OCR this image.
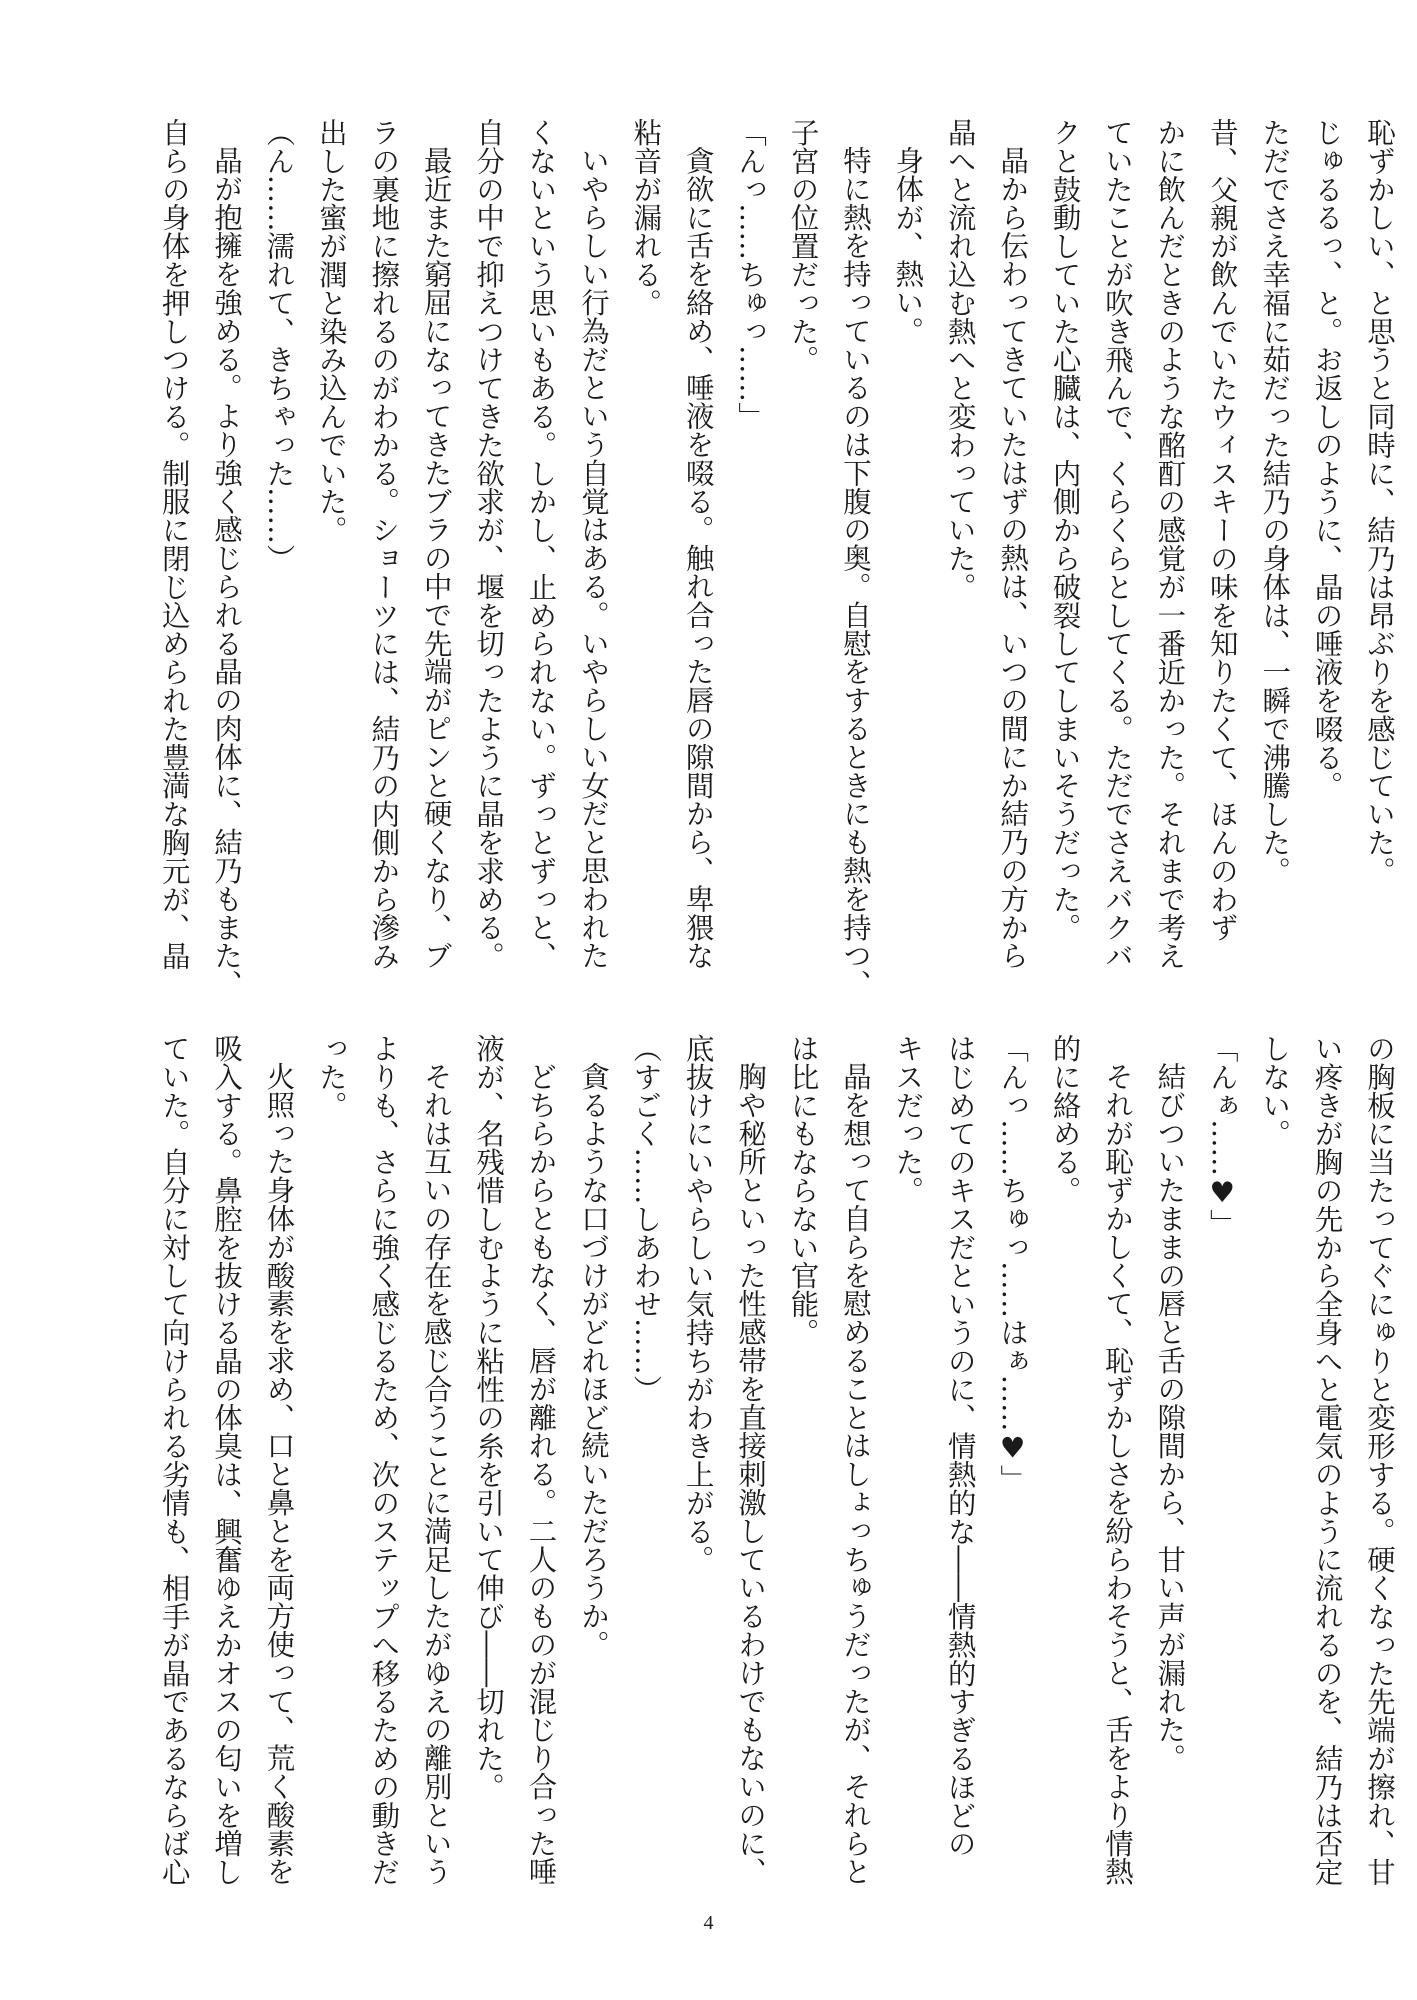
恥ずかしい、と思うと同時に、結乃は昂ぶりを感じていた。
じゅるるっ、と。お返しのように、晶の唾液を啜る。
ただでさえ幸福に茹だった結乃の身体は、一瞬で沸騰した。
昔、父親が飲んでいたウィスキーの味を知りたくて、ほんのわず
かに飲んだときのような酩酊の感覚が一番近かった。それまで考え
ていたことが吹き飛んで、くらくらとしてくる。ただでさえバクバ
クと鼓動していた心臓は、内側から破裂してしまいそうだった。
晶から伝わってきていたはずの熱は、いつの間にか結乃の方から
晶へと流れ込む熱へと変わっていた。
身体が、熱い。
特に熱を持っているのは下腹の奥。自慰をするときにも熱を持つ、
子宮の位置だった。
「んっ……ちゅっ……」
貪欲に舌を絡め、唾液を啜る。触れ合った唇の隙間から、卑猥な
粘音が漏れる。
いやらしい行為だという自覚はある。いやらしい女だと思われた
くないという思いもある。しかし、止められない。ずっとずっと、
自分の中で抑えつけてきた欲求が、堰を切ったように晶を求める。
最近また窮屈になってきたブラの中で先端がピンと硬くなり、ブ
ラの裏地に擦れるのがわかる。ショーツには、結乃の内側から滲み
出した蜜が潤と染み込んでいた。
（ん……濡れて、きちゃった……）
晶が抱擁を強める。より強く感じられる晶の肉体に、結乃もまた、
自らの身体を押しつける。制服に閉じ込められた豊満な胸元が、晶
の胸板に当たってぐにゅりと変形する。硬くなった先端が擦れ、甘
い疼きが胸の先から全身へと電気のように流れるのを、結乃は否定
しない。
「んぁ……♥」
結びついたままの唇と舌の隙間から、甘い声が漏れた。
それが恥ずかしくて、恥ずかしさを紛らわそうと、舌をより情熱
的に絡める。
「んっ……ちゅっ……はぁ……♥」
はじめてのキスだというのに、情熱的な――情熱的すぎるほどの
キスだった。
晶を想って自らを慰めることはしょっちゅうだったが、それらと
は比にもならない官能。
胸や秘所といった性感帯を直接刺激しているわけでもないのに、
底抜けにいやらしい気持ちがわき上がる。
（すごく……しあわせ……）
貪るような口づけがどれほど続いただろうか。
どちらからともなく、唇が離れる。二人のものが混じり合った唾
液が、名残惜しむように粘性の糸を引いて伸び――切れた。
それは互いの存在を感じ合うことに満足したがゆえの離別という
よりも、さらに強く感じるため、次のステップへ移るための動きだ
った。
火照った身体が酸素を求め、口と鼻とを両方使って、荒く酸素を
吸入する。鼻腔を抜ける晶の体臭は、興奮ゆえかオスの匂いを増し
ていた。自分に対して向けられる劣情も、相手が晶であるならば心
4
